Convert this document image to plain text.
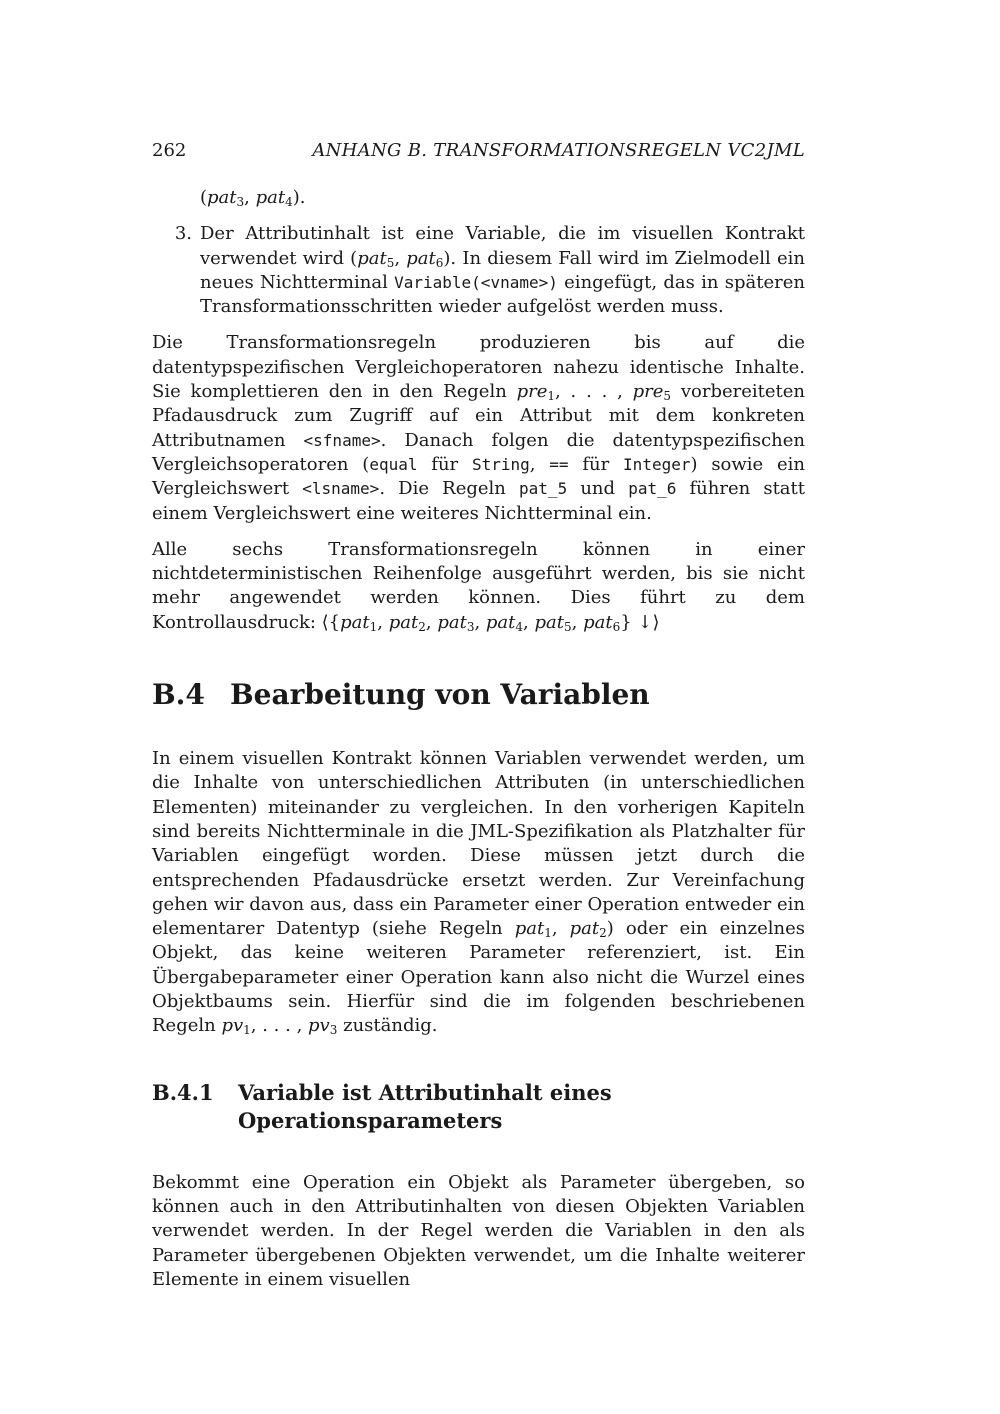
262	ANHANG B. TRANSFORMATIONSREGELN VC2JML

(pat$_3$, pat$_4$).

3. Der Attributinhalt ist eine Variable, die im visuellen Kontrakt verwendet wird (pat$_5$, pat$_6$). In diesem Fall wird im Zielmodell ein neues Nichtterminal Variable(<vname>) eingefügt, das in späteren Transformationsschritten wieder aufgelöst werden muss.

Die Transformationsregeln produzieren bis auf die datentypspezifischen Vergleichoperatoren nahezu identische Inhalte. Sie komplettieren den in den Regeln pre$_1$, . . . , pre$_5$ vorbereiteten Pfadausdruck zum Zugriff auf ein Attribut mit dem konkreten Attributnamen <sfname>. Danach folgen die datentypspezifischen Vergleichsoperatoren (equal für String, == für Integer) sowie ein Vergleichswert <lsname>. Die Regeln pat_5 und pat_6 führen statt einem Vergleichswert eine weiteres Nichtterminal ein.

Alle sechs Transformationsregeln können in einer nichtdeterministischen Reihenfolge ausgeführt werden, bis sie nicht mehr angewendet werden können. Dies führt zu dem Kontrollausdruck: ⟨{pat$_1$, pat$_2$, pat$_3$, pat$_4$, pat$_5$, pat$_6$} ↓⟩

B.4 Bearbeitung von Variablen

In einem visuellen Kontrakt können Variablen verwendet werden, um die Inhalte von unterschiedlichen Attributen (in unterschiedlichen Elementen) miteinander zu vergleichen. In den vorherigen Kapiteln sind bereits Nichtterminale in die JML-Spezifikation als Platzhalter für Variablen eingefügt worden. Diese müssen jetzt durch die entsprechenden Pfadausdrücke ersetzt werden. Zur Vereinfachung gehen wir davon aus, dass ein Parameter einer Operation entweder ein elementarer Datentyp (siehe Regeln pat$_1$, pat$_2$) oder ein einzelnes Objekt, das keine weiteren Parameter referenziert, ist. Ein Übergabeparameter einer Operation kann also nicht die Wurzel eines Objektbaums sein. Hierfür sind die im folgenden beschriebenen Regeln $pv_1$, . . . , $pv_3$ zuständig.

B.4.1	Variable ist Attributinhalt eines Operationsparameters

Bekommt eine Operation ein Objekt als Parameter übergeben, so können auch in den Attributinhalten von diesen Objekten Variablen verwendet werden. In der Regel werden die Variablen in den als Parameter übergebenen Objekten verwendet, um die Inhalte weiterer Elemente in einem visuellen
